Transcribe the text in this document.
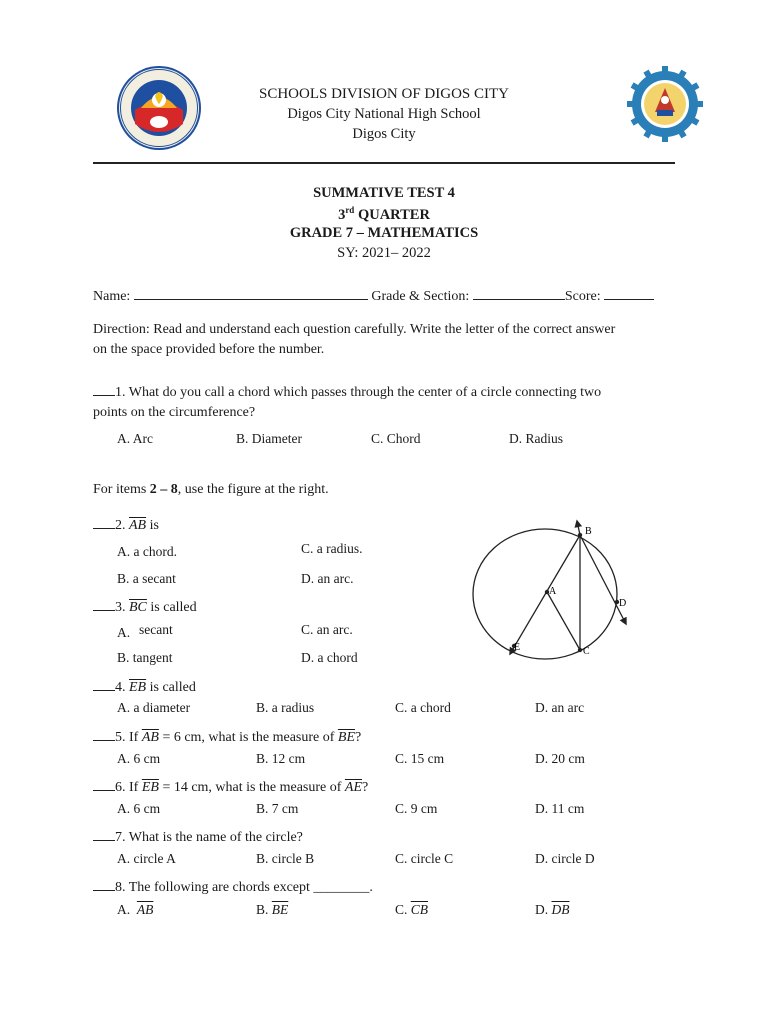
SCHOOLS DIVISION OF DIGOS CITY
Digos City National High School
Digos City
SUMMATIVE TEST 4
3rd QUARTER
GRADE 7 – MATHEMATICS
SY: 2021– 2022
Name:	Grade & Section:	Score:
Direction: Read and understand each question carefully. Write the letter of the correct answer
on the space provided before the number.
1. What do you call a chord which passes through the center of a circle connecting two
points on the circumference?
A. Arc	B. Diameter	C. Chord	D. Radius
For items 2 – 8, use the figure at the right.
2. $\overline{AB}$ is
A. a chord.	C. a radius.
B. a secant	D. an arc.
3. $\overline{BC}$ is called
A. secant	C. an arc.
B. tangent	D. a chord
4. $\overline{EB}$ is called
A. a diameter	B. a radius	C. a chord	D. an arc
5. If $\overline{AB} = 6$ cm, what is the measure of $\overline{BE}$?
A. 6 cm	B. 12 cm	C. 15 cm	D. 20 cm
6. If $\overline{EB} = 14$ cm, what is the measure of $\overline{AE}$?
A. 6 cm	B. 7 cm	C. 9 cm	D. 11 cm
7. What is the name of the circle?
A. circle A	B. circle B	C. circle C	D. circle D
8. The following are chords except ________.
A. $\overline{AB}$	B. $\overline{BE}$	C. $\overline{CB}$	D. $\overline{DB}$
A
B
C
D
E
